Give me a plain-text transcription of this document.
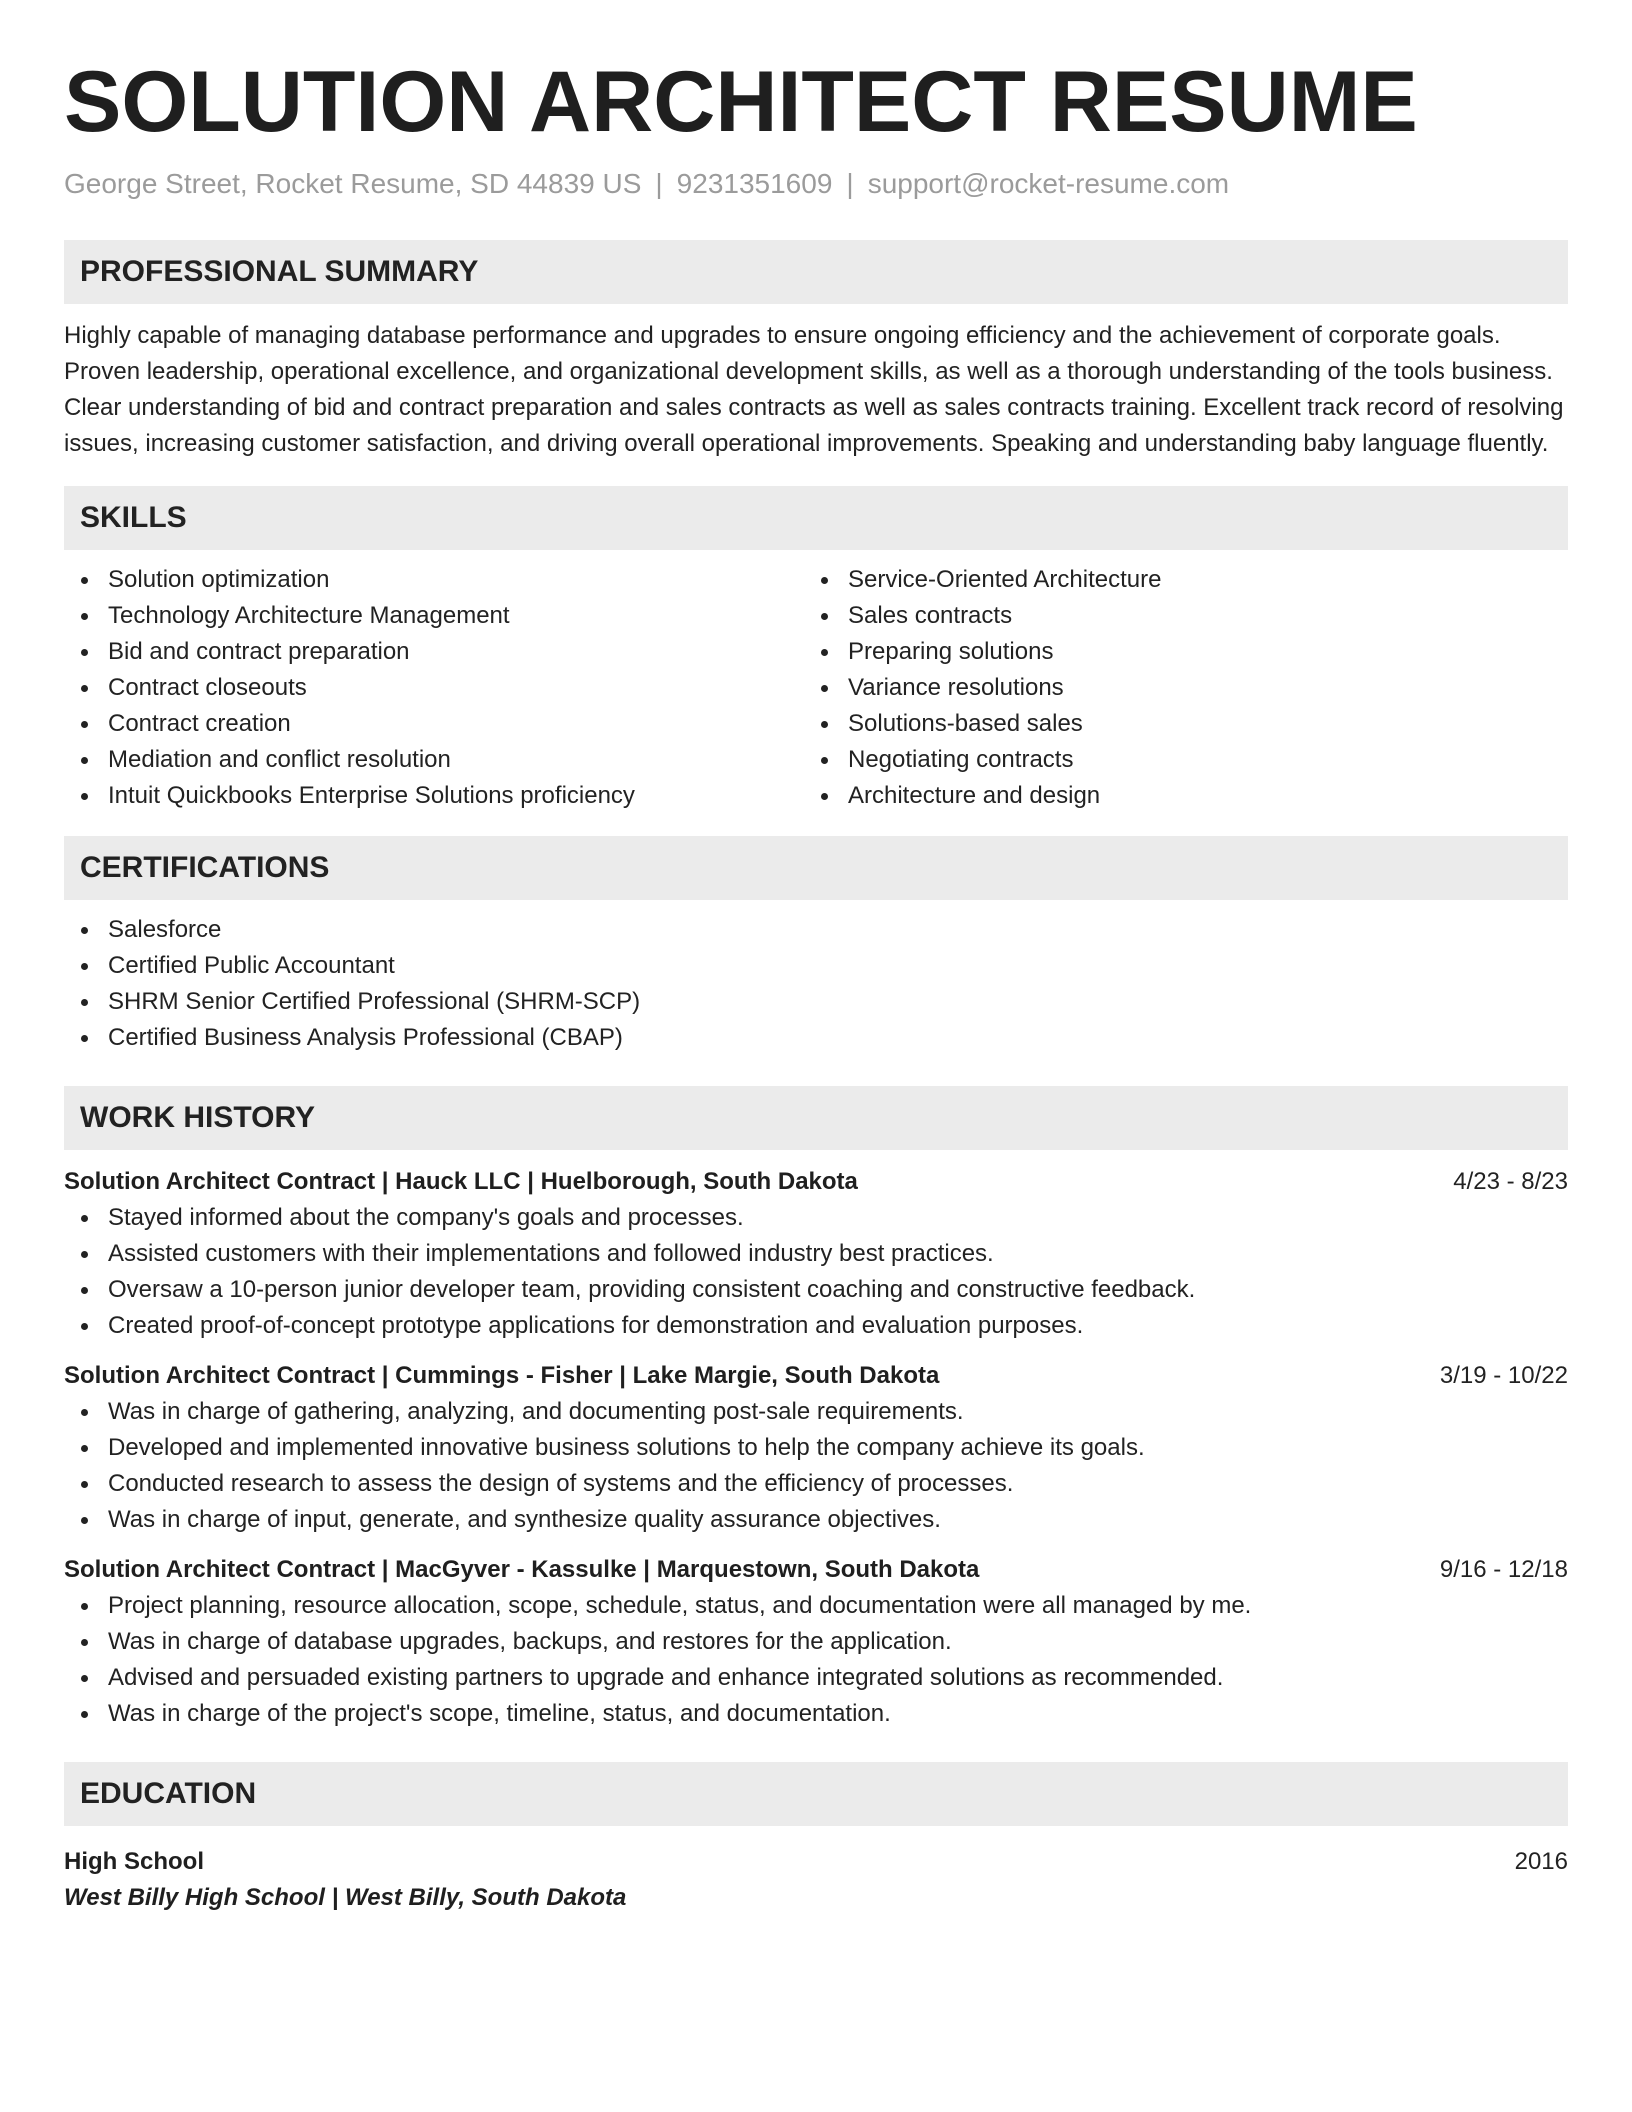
SOLUTION ARCHITECT RESUME
George Street, Rocket Resume, SD 44839 US | 9231351609 | support@rocket-resume.com
PROFESSIONAL SUMMARY

Highly capable of managing database performance and upgrades to ensure ongoing efficiency and the achievement of corporate goals. Proven leadership, operational excellence, and organizational development skills, as well as a thorough understanding of the tools business. Clear understanding of bid and contract preparation and sales contracts as well as sales contracts training. Excellent track record of resolving issues, increasing customer satisfaction, and driving overall operational improvements. Speaking and understanding baby language fluently.

SKILLS
Solution optimization
Technology Architecture Management
Bid and contract preparation
Contract closeouts
Contract creation
Mediation and conflict resolution
Intuit Quickbooks Enterprise Solutions proficiency
Service-Oriented Architecture
Sales contracts
Preparing solutions
Variance resolutions
Solutions-based sales
Negotiating contracts
Architecture and design
CERTIFICATIONS
Salesforce
Certified Public Accountant
SHRM Senior Certified Professional (SHRM-SCP)
Certified Business Analysis Professional (CBAP)
WORK HISTORY
Solution Architect Contract | Hauck LLC | Huelborough, South Dakota	4/23 - 8/23
Stayed informed about the company's goals and processes.
Assisted customers with their implementations and followed industry best practices.
Oversaw a 10-person junior developer team, providing consistent coaching and constructive feedback.
Created proof-of-concept prototype applications for demonstration and evaluation purposes.
Solution Architect Contract | Cummings - Fisher | Lake Margie, South Dakota	3/19 - 10/22
Was in charge of gathering, analyzing, and documenting post-sale requirements.
Developed and implemented innovative business solutions to help the company achieve its goals.
Conducted research to assess the design of systems and the efficiency of processes.
Was in charge of input, generate, and synthesize quality assurance objectives.
Solution Architect Contract | MacGyver - Kassulke | Marquestown, South Dakota	9/16 - 12/18
Project planning, resource allocation, scope, schedule, status, and documentation were all managed by me.
Was in charge of database upgrades, backups, and restores for the application.
Advised and persuaded existing partners to upgrade and enhance integrated solutions as recommended.
Was in charge of the project's scope, timeline, status, and documentation.
EDUCATION
High School	2016
West Billy High School | West Billy, South Dakota
